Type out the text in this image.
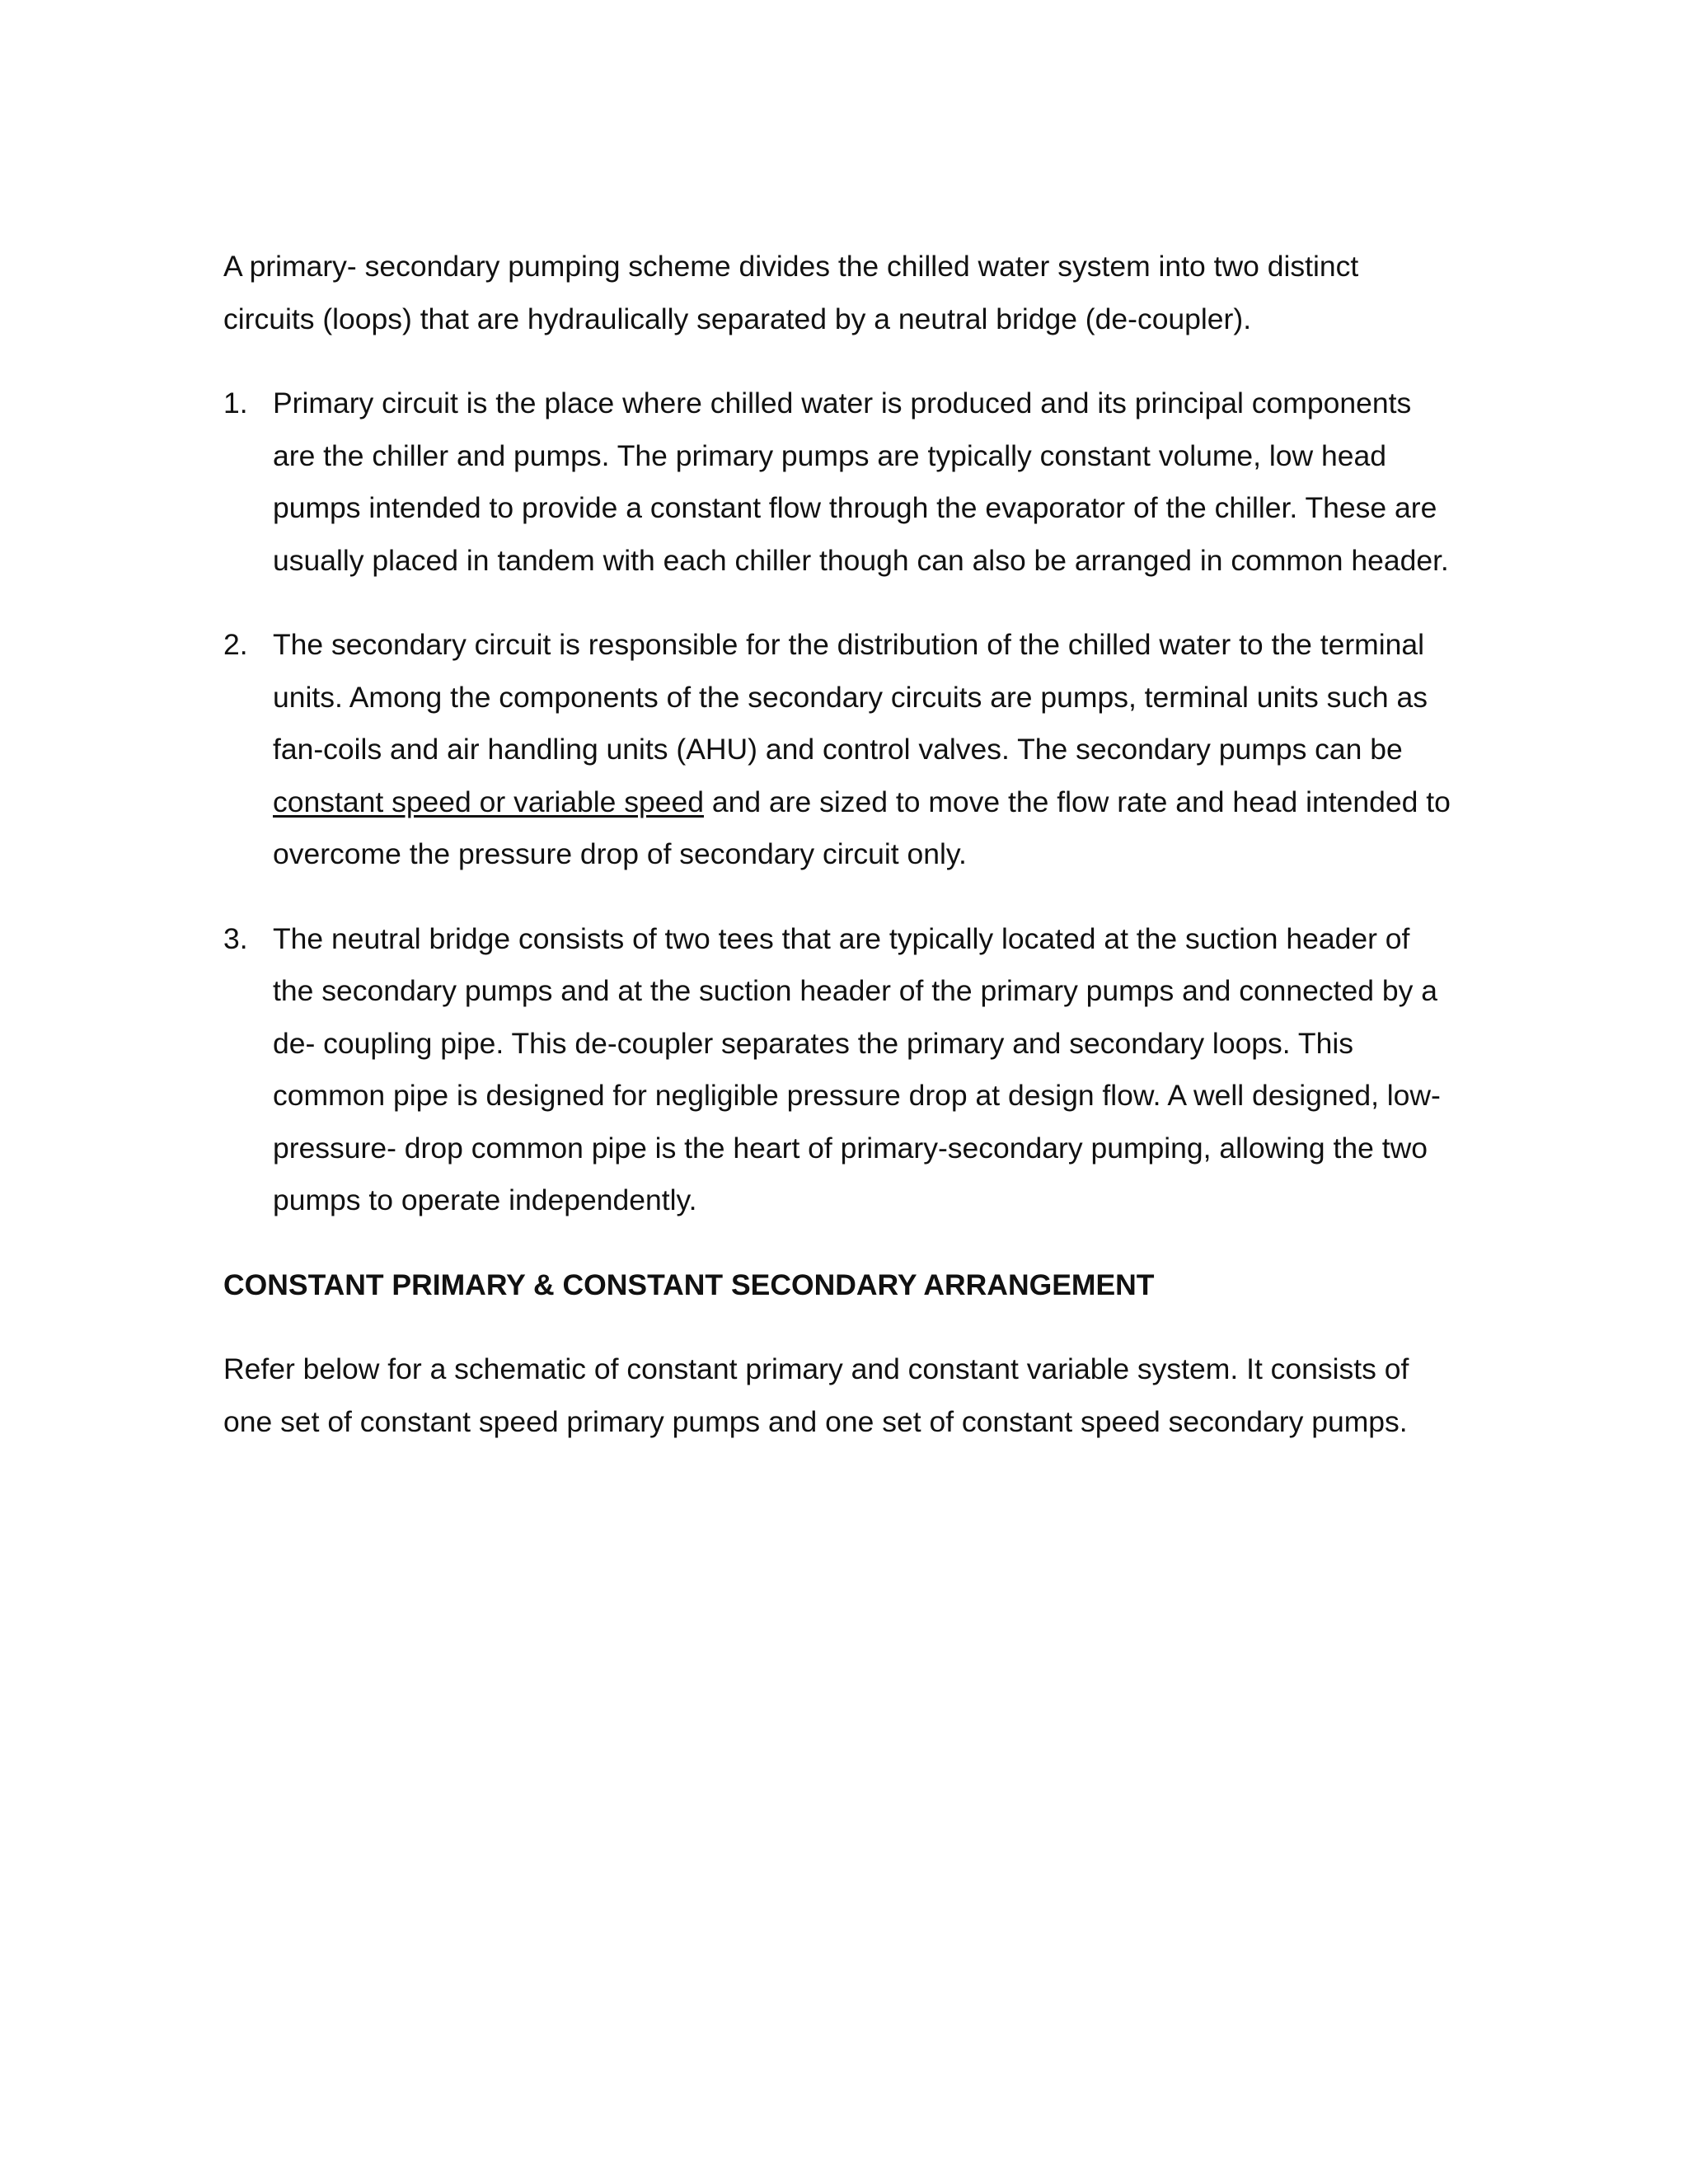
A primary- secondary pumping scheme divides the chilled water system into two distinct circuits (loops) that are hydraulically separated by a neutral bridge (de-coupler).

1. Primary circuit is the place where chilled water is produced and its principal components are the chiller and pumps. The primary pumps are typically constant volume, low head pumps intended to provide a constant flow through the evaporator of the chiller. These are usually placed in tandem with each chiller though can also be arranged in common header.
2. The secondary circuit is responsible for the distribution of the chilled water to the terminal units. Among the components of the secondary circuits are pumps, terminal units such as fan-coils and air handling units (AHU) and control valves. The secondary pumps can be constant speed or variable speed and are sized to move the flow rate and head intended to overcome the pressure drop of secondary circuit only.
3. The neutral bridge consists of two tees that are typically located at the suction header of the secondary pumps and at the suction header of the primary pumps and connected by a de- coupling pipe. This de-coupler separates the primary and secondary loops. This common pipe is designed for negligible pressure drop at design flow. A well designed, low-pressure- drop common pipe is the heart of primary-secondary pumping, allowing the two pumps to operate independently.

CONSTANT PRIMARY & CONSTANT SECONDARY ARRANGEMENT

Refer below for a schematic of constant primary and constant variable system. It consists of one set of constant speed primary pumps and one set of constant speed secondary pumps.
